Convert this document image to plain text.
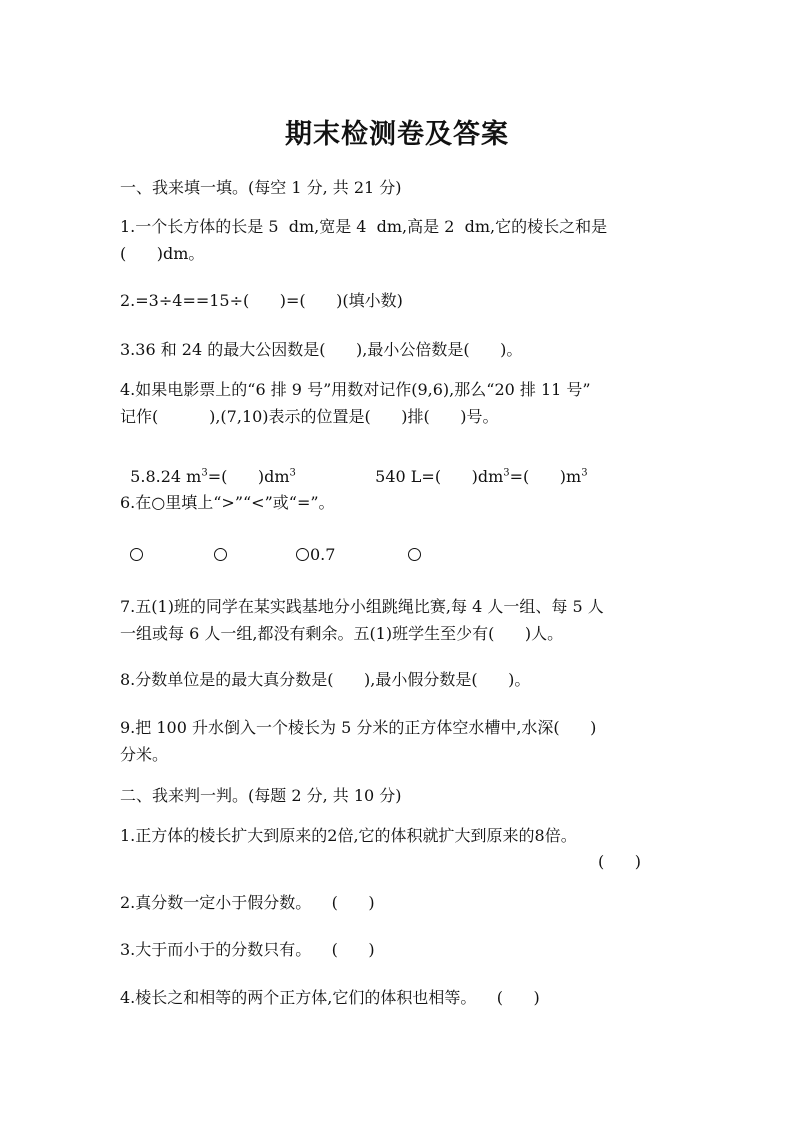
期末检测卷及答案
一、我来填一填。(每空 1 分, 共 21 分)
1.一个长方体的长是 5  dm,宽是 4  dm,高是 2  dm,它的棱长之和是
(      )dm。
2.=3÷4==15÷(      )=(      )(填小数)
3.36 和 24 的最大公因数是(      ),最小公倍数是(      )。
4.如果电影票上的“6 排 9 号”用数对记作(9,6),那么“20 排 11 号”
记作(          ),(7,10)表示的位置是(      )排(      )号。

5.8.24 $m^3=$(      )$dm^3$	540 L=(      )$dm^3=$(      )$m^3$

6.在○里填上“>”“<”或“=”。
0.7
7.五(1)班的同学在某实践基地分小组跳绳比赛,每 4 人一组、每 5 人
一组或每 6 人一组,都没有剩余。五(1)班学生至少有(      )人。
8.分数单位是的最大真分数是(      ),最小假分数是(      )。
9.把 100 升水倒入一个棱长为 5 分米的正方体空水槽中,水深(      )
分米。
二、我来判一判。(每题 2 分, 共 10 分)
1.正方体的棱长扩大到原来的2倍,它的体积就扩大到原来的8倍。
(      )
2.真分数一定小于假分数。    (      )
3.大于而小于的分数只有。    (      )
4.棱长之和相等的两个正方体,它们的体积也相等。    (      )
